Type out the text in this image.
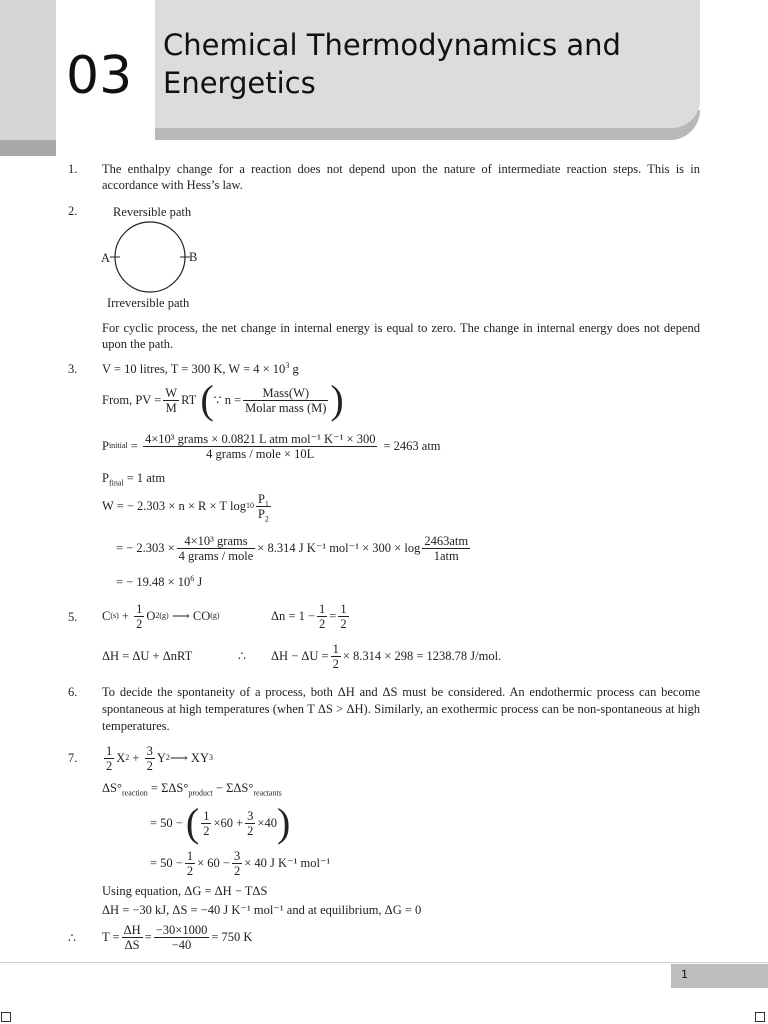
03
Chemical Thermodynamics and Energetics
1. The enthalpy change for a reaction does not depend upon the nature of intermediate reaction steps. This is in accordance with Hess’s law.
2.	Reversible path
A	B
Irreversible path
For cyclic process, the net change in internal energy is equal to zero. The change in internal energy does not depend upon the path.
3. V = 10 litres, T = 300 K, $W = 4 \times 10^3$ g
From, PV = $\frac{W}{M}$ RT ( ∵ $n = \frac{\text{Mass(W)}}{\text{Molar mass (M)}}$ )
P initial = $\frac{\text{4×10³ grams × 0.0821 L atm mol⁻¹ K⁻¹ × 300}}{\text{4 grams / mole × 10L}} = 2463$ atm
$P_{final} = 1$ atm
W = − 2.303 × n × R × T $\log 10 \frac{P_1}{P_2}$
= − $2.303 \times \frac{\text{4×10³ grams}}{\text{4 grams / mole}} \times 8.314$ J K⁻¹ $mol^{-1} \times 300 \times \log \frac{\text{2463atm}}{\text{1atm}}$
= − $19.48 \times 10^6$ J
5. C $(s) + \frac{1}{2}$ O 2(g) ⟶ CO (g)	$\Delta n = 1 - \frac{1}{2} = \frac{1}{2}$
ΔH = ΔU + ΔnRT	∴ $\Delta H - \Delta U = \frac{1}{2} \times 8.314 \times 298 = 1238.78$ J/mol.
6. To decide the spontaneity of a process, both ΔH and ΔS must be considered. An endothermic process can become spontaneous at high temperatures (when T ΔS > ΔH). Similarly, an exothermic process can be non-spontaneous at high temperatures.
7. $\frac{1}{2}$ X $2 + \frac{3}{2}$ Y 2 ⟶ XY 3
$\Delta S^\circ_{reaction} = \Sigma\Delta S^\circ_{product} - \Sigma\Delta S^\circ_{reactants}$
= 50 − ( $\frac{1}{2} \times 60 + \frac{3}{2} \times 40$ )
= $50 - \frac{1}{2} \times 60 - \frac{3}{2} \times 40$ J K⁻¹ mol⁻¹
Using equation, ΔG = ΔH − TΔS
ΔH = −30 kJ, ΔS = −40 J K⁻¹ mol⁻¹ and at equilibrium, ΔG = 0
∴ $T = \frac{\Delta H}{\Delta S} = \frac{-30\times 1000}{-40} = 750$ K
1
